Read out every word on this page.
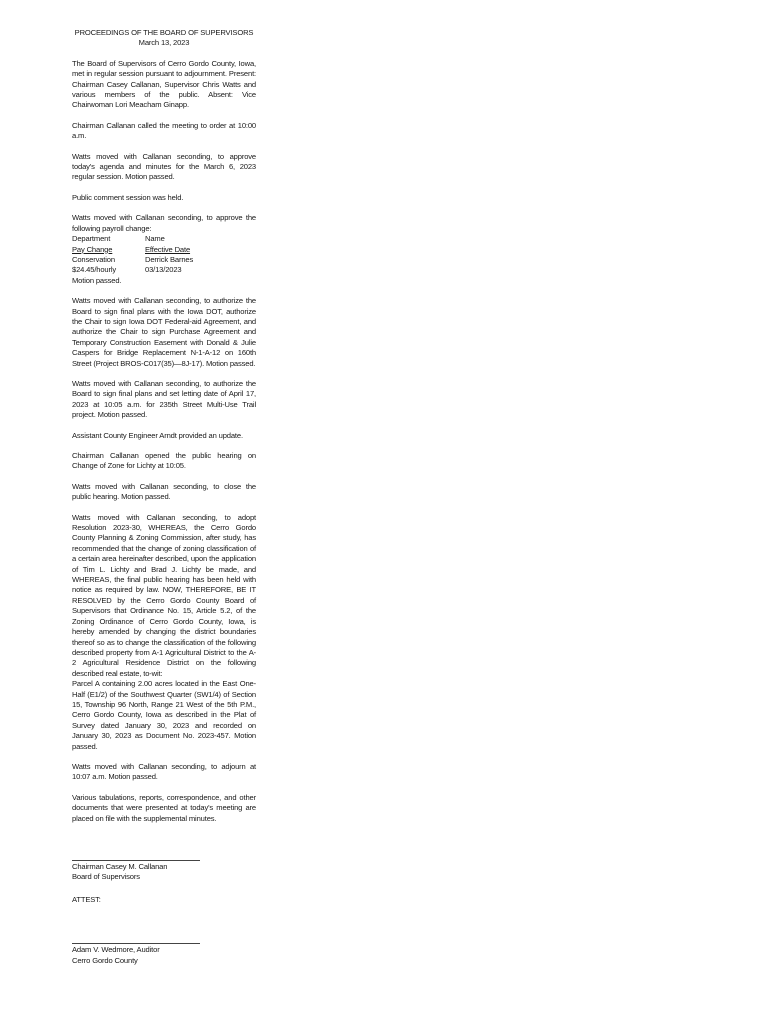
PROCEEDINGS OF THE BOARD OF SUPERVISORS
March 13, 2023

The Board of Supervisors of Cerro Gordo County, Iowa, met in regular session pursuant to adjournment. Present: Chairman Casey Callanan, Supervisor Chris Watts and various members of the public. Absent: Vice Chairwoman Lori Meacham Ginapp.

Chairman Callanan called the meeting to order at 10:00 a.m.

Watts moved with Callanan seconding, to approve today's agenda and minutes for the March 6, 2023 regular session. Motion passed.

Public comment session was held.

Watts moved with Callanan seconding, to approve the following payroll change:
Department	Name
Pay Change	Effective Date
Conservation	Derrick Barnes
$24.45/hourly	03/13/2023
Motion passed.

Watts moved with Callanan seconding, to authorize the Board to sign final plans with the Iowa DOT, authorize the Chair to sign Iowa DOT Federal-aid Agreement, and authorize the Chair to sign Purchase Agreement and Temporary Construction Easement with Donald & Julie Caspers for Bridge Replacement N-1-A-12 on 160th Street (Project BROS-C017(35)—8J-17). Motion passed.

Watts moved with Callanan seconding, to authorize the Board to sign final plans and set letting date of April 17, 2023 at 10:05 a.m. for 235th Street Multi-Use Trail project. Motion passed.

Assistant County Engineer Arndt provided an update.

Chairman Callanan opened the public hearing on Change of Zone for Lichty at 10:05.

Watts moved with Callanan seconding, to close the public hearing. Motion passed.

Watts moved with Callanan seconding, to adopt Resolution 2023-30, WHEREAS, the Cerro Gordo County Planning & Zoning Commission, after study, has recommended that the change of zoning classification of a certain area hereinafter described, upon the application of Tim L. Lichty and Brad J. Lichty be made, and WHEREAS, the final public hearing has been held with notice as required by law. NOW, THEREFORE, BE IT RESOLVED by the Cerro Gordo County Board of Supervisors that Ordinance No. 15, Article 5.2, of the Zoning Ordinance of Cerro Gordo County, Iowa, is hereby amended by changing the district boundaries thereof so as to change the classification of the following described property from A-1 Agricultural District to the A-2 Agricultural Residence District on the following described real estate, to-wit:

Parcel A containing 2.00 acres located in the East One-Half (E1/2) of the Southwest Quarter (SW1/4) of Section 15, Township 96 North, Range 21 West of the 5th P.M., Cerro Gordo County, Iowa as described in the Plat of Survey dated January 30, 2023 and recorded on January 30, 2023 as Document No. 2023-457. Motion passed.

Watts moved with Callanan seconding, to adjourn at 10:07 a.m. Motion passed.

Various tabulations, reports, correspondence, and other documents that were presented at today's meeting are placed on file with the supplemental minutes.

Chairman Casey M. Callanan
Board of Supervisors
ATTEST:
Adam V. Wedmore, Auditor
Cerro Gordo County
